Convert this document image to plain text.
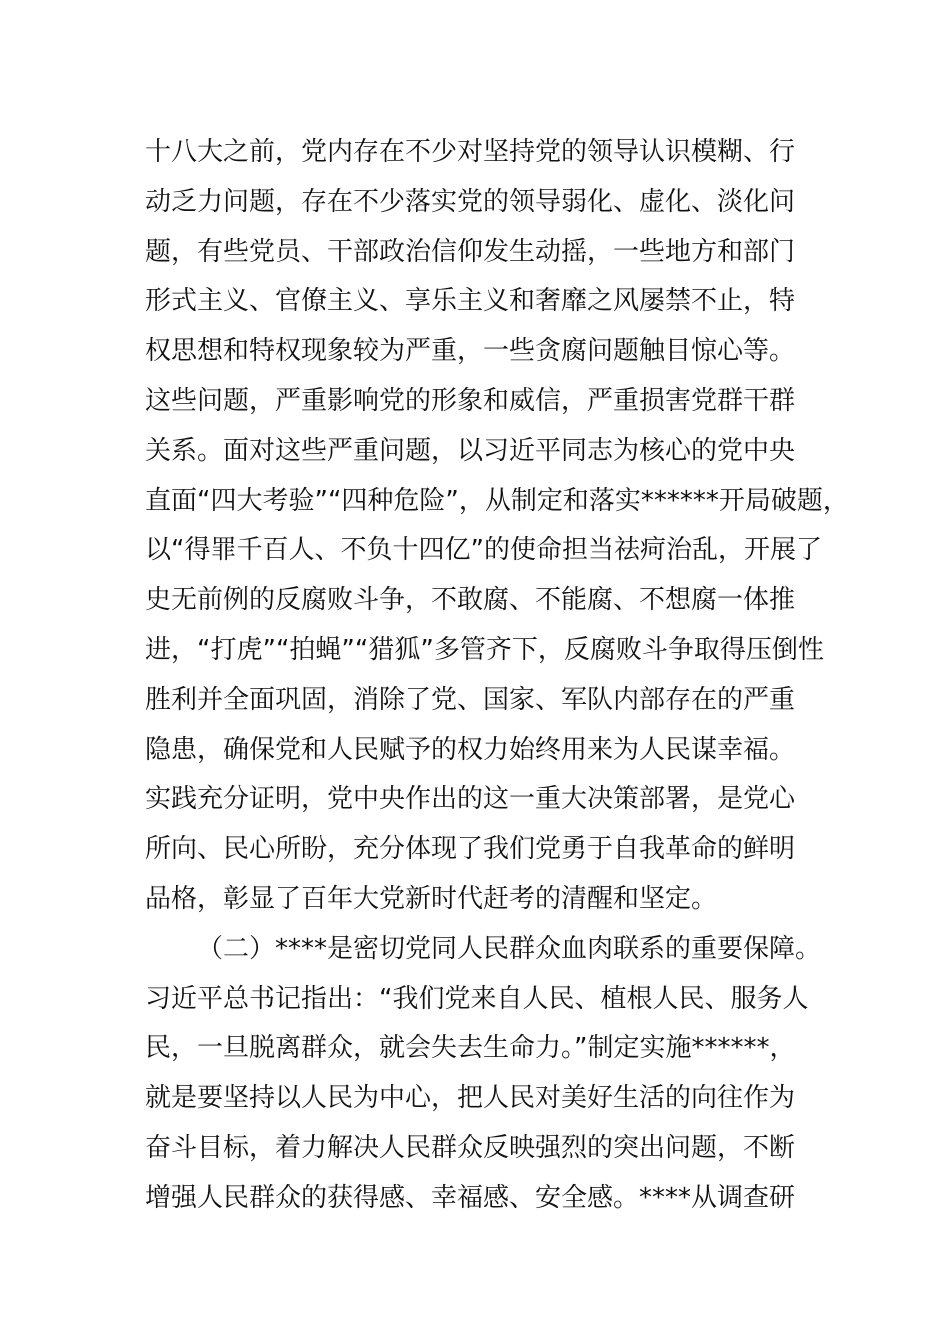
十八大之前，党内存在不少对坚持党的领导认识模糊、行
动乏力问题，存在不少落实党的领导弱化、虚化、淡化问
题，有些党员、干部政治信仰发生动摇，一些地方和部门
形式主义、官僚主义、享乐主义和奢靡之风屡禁不止，特
权思想和特权现象较为严重，一些贪腐问题触目惊心等。
这些问题，严重影响党的形象和威信，严重损害党群干群
关系。面对这些严重问题，以习近平同志为核心的党中央
直面“四大考验”“四种危险”，从制定和落实******开局破题，
以“得罪千百人、不负十四亿”的使命担当祛疴治乱，开展了
史无前例的反腐败斗争，不敢腐、不能腐、不想腐一体推
进，“打虎”“拍蝇”“猎狐”多管齐下，反腐败斗争取得压倒性
胜利并全面巩固，消除了党、国家、军队内部存在的严重
隐患，确保党和人民赋予的权力始终用来为人民谋幸福。
实践充分证明，党中央作出的这一重大决策部署，是党心
所向、民心所盼，充分体现了我们党勇于自我革命的鲜明
品格，彰显了百年大党新时代赶考的清醒和坚定。
（二）****是密切党同人民群众血肉联系的重要保障。
习近平总书记指出：“我们党来自人民、植根人民、服务人
民，一旦脱离群众，就会失去生命力。”制定实施******，
就是要坚持以人民为中心，把人民对美好生活的向往作为
奋斗目标，着力解决人民群众反映强烈的突出问题，不断
增强人民群众的获得感、幸福感、安全感。****从调查研
